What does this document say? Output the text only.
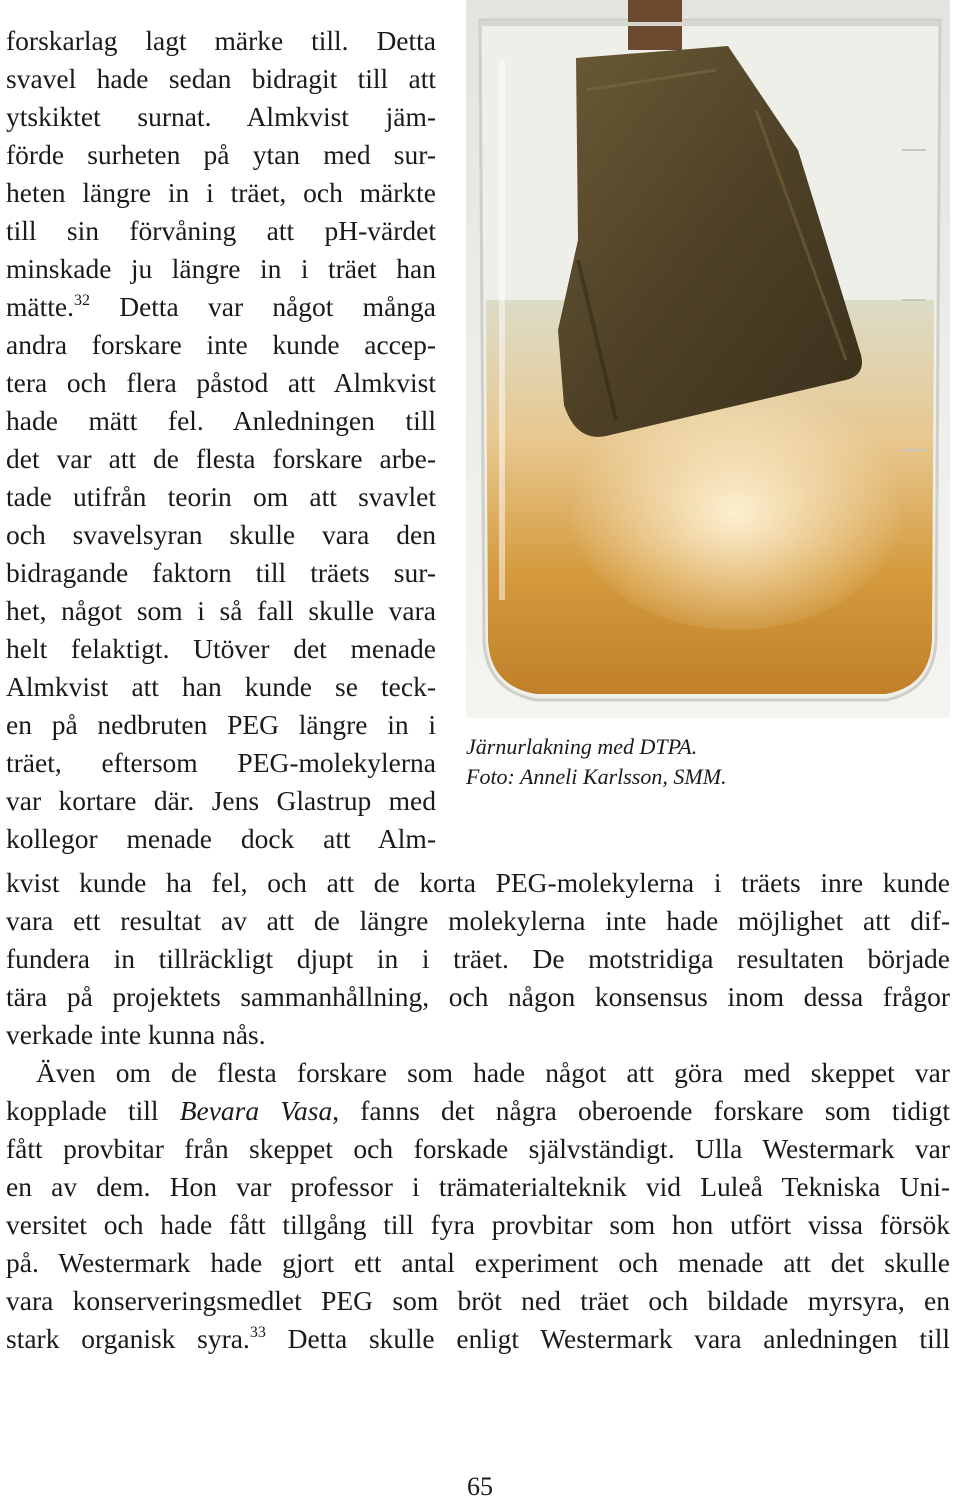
forskarlag lagt märke till. Detta
svavel hade sedan bidragit till att
ytskiktet surnat. Almkvist jäm-
förde surheten på ytan med sur-
heten längre in i träet, och märkte
till sin förvåning att pH-värdet
minskade ju längre in i träet han
mätte.$^{32}$ Detta var något många
andra forskare inte kunde accep-
tera och flera påstod att Almkvist
hade mätt fel. Anledningen till
det var att de flesta forskare arbe-
tade utifrån teorin om att svavlet
och svavelsyran skulle vara den
bidragande faktorn till träets sur-
het, något som i så fall skulle vara
helt felaktigt. Utöver det menade
Almkvist att han kunde se teck-
en på nedbruten PEG längre in i
träet, eftersom PEG-molekylerna
var kortare där. Jens Glastrup med
kollegor menade dock att Alm-
Järnurlakning med DTPA.
Foto: Anneli Karlsson, SMM.
kvist kunde ha fel, och att de korta PEG-molekylerna i träets inre kunde
vara ett resultat av att de längre molekylerna inte hade möjlighet att dif-
fundera in tillräckligt djupt in i träet. De motstridiga resultaten började
tära på projektets sammanhållning, och någon konsensus inom dessa frågor
verkade inte kunna nås.
Även om de flesta forskare som hade något att göra med skeppet var
kopplade till Bevara Vasa, fanns det några oberoende forskare som tidigt
fått provbitar från skeppet och forskade självständigt. Ulla Westermark var
en av dem. Hon var professor i trämaterialteknik vid Luleå Tekniska Uni-
versitet och hade fått tillgång till fyra provbitar som hon utfört vissa försök
på. Westermark hade gjort ett antal experiment och menade att det skulle
vara konserveringsmedlet PEG som bröt ned träet och bildade myrsyra, en
stark organisk syra.$^{33}$ Detta skulle enligt Westermark vara anledningen till
65
